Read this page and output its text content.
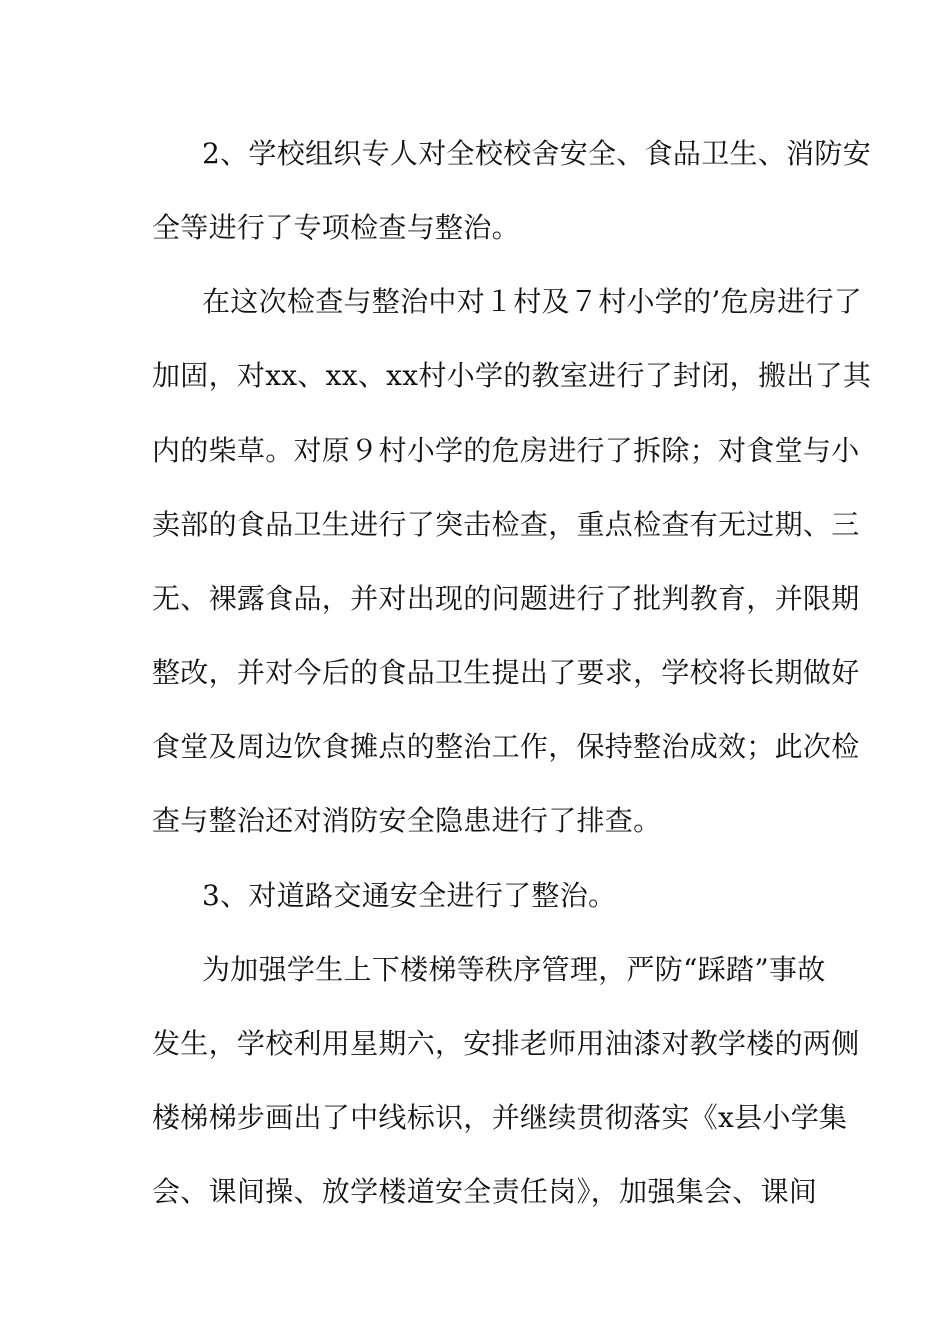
2、学校组织专人对全校校舍安全、食品卫生、消防安

全等进行了专项检查与整治。

在这次检查与整治中对１村及７村小学的’危房进行了

加固，对xx、xx、xx村小学的教室进行了封闭，搬出了其

内的柴草。对原９村小学的危房进行了拆除；对食堂与小

卖部的食品卫生进行了突击检查，重点检查有无过期、三

无、裸露食品，并对出现的问题进行了批判教育，并限期

整改，并对今后的食品卫生提出了要求，学校将长期做好

食堂及周边饮食摊点的整治工作，保持整治成效；此次检

查与整治还对消防安全隐患进行了排查。

3、对道路交通安全进行了整治。

为加强学生上下楼梯等秩序管理，严防“踩踏”事故

发生，学校利用星期六，安排老师用油漆对教学楼的两侧

楼梯梯步画出了中线标识，并继续贯彻落实《x县小学集

会、课间操、放学楼道安全责任岗》，加强集会、课间
